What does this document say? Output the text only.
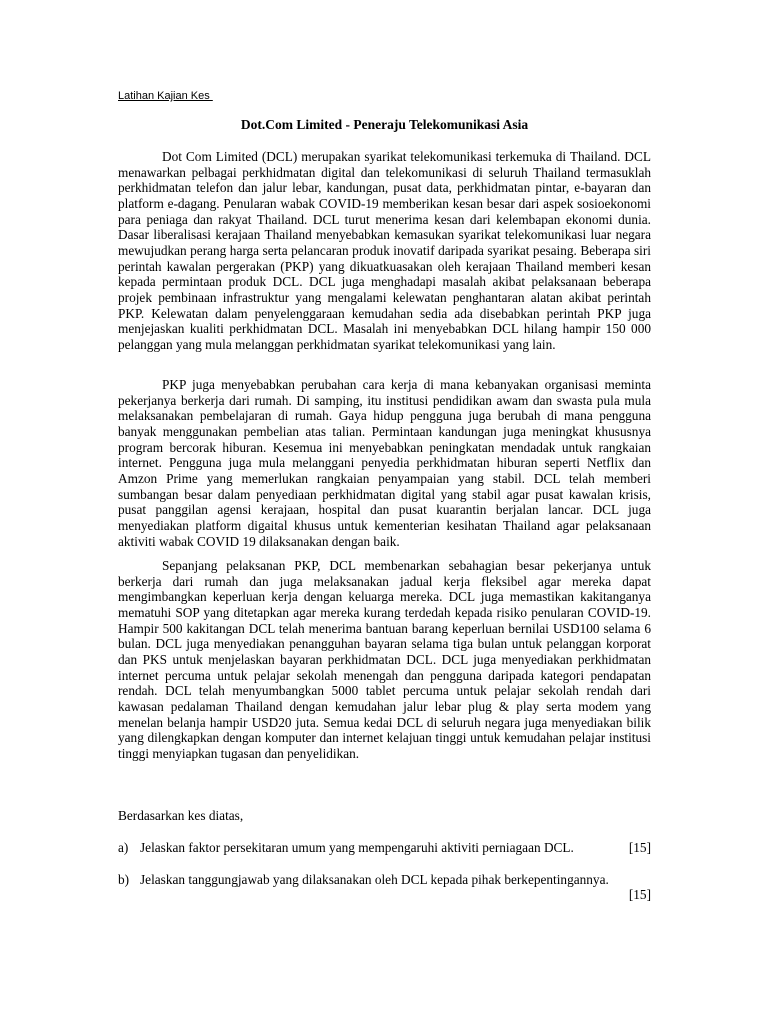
Latihan Kajian Kes
Dot.Com Limited - Peneraju Telekomunikasi Asia

Dot Com Limited (DCL) merupakan syarikat telekomunikasi terkemuka di Thailand. DCL menawarkan pelbagai perkhidmatan digital dan telekomunikasi di seluruh Thailand termasuklah perkhidmatan telefon dan jalur lebar, kandungan, pusat data, perkhidmatan pintar, e-bayaran dan platform e-dagang. Penularan wabak COVID-19 memberikan kesan besar dari aspek sosioekonomi para peniaga dan rakyat Thailand. DCL turut menerima kesan dari kelembapan ekonomi dunia. Dasar liberalisasi kerajaan Thailand menyebabkan kemasukan syarikat telekomunikasi luar negara mewujudkan perang harga serta pelancaran produk inovatif daripada syarikat pesaing. Beberapa siri perintah kawalan pergerakan (PKP) yang dikuatkuasakan oleh kerajaan Thailand memberi kesan kepada permintaan produk DCL. DCL juga menghadapi masalah akibat pelaksanaan beberapa projek pembinaan infrastruktur yang mengalami kelewatan penghantaran alatan akibat perintah PKP. Kelewatan dalam penyelenggaraan kemudahan sedia ada disebabkan perintah PKP juga menjejaskan kualiti perkhidmatan DCL. Masalah ini menyebabkan DCL hilang hampir 150 000 pelanggan yang mula melanggan perkhidmatan syarikat telekomunikasi yang lain.

PKP juga menyebabkan perubahan cara kerja di mana kebanyakan organisasi meminta pekerjanya berkerja dari rumah. Di samping, itu institusi pendidikan awam dan swasta pula mula melaksanakan pembelajaran di rumah. Gaya hidup pengguna juga berubah di mana pengguna banyak menggunakan pembelian atas talian. Permintaan kandungan juga meningkat khususnya program bercorak hiburan. Kesemua ini menyebabkan peningkatan mendadak untuk rangkaian internet. Pengguna juga mula melanggani penyedia perkhidmatan hiburan seperti Netflix dan Amzon Prime yang memerlukan rangkaian penyampaian yang stabil. DCL telah memberi sumbangan besar dalam penyediaan perkhidmatan digital yang stabil agar pusat kawalan krisis, pusat panggilan agensi kerajaan, hospital dan pusat kuarantin berjalan lancar. DCL juga menyediakan platform digaital khusus untuk kementerian kesihatan Thailand agar pelaksanaan aktiviti wabak COVID 19 dilaksanakan dengan baik.

Sepanjang pelaksanan PKP, DCL membenarkan sebahagian besar pekerjanya untuk berkerja dari rumah dan juga melaksanakan jadual kerja fleksibel agar mereka dapat mengimbangkan keperluan kerja dengan keluarga mereka. DCL juga memastikan kakitanganya mematuhi SOP yang ditetapkan agar mereka kurang terdedah kepada risiko penularan COVID-19. Hampir 500 kakitangan DCL telah menerima bantuan barang keperluan bernilai USD100 selama 6 bulan. DCL juga menyediakan penangguhan bayaran selama tiga bulan untuk pelanggan korporat dan PKS untuk menjelaskan bayaran perkhidmatan DCL. DCL juga menyediakan perkhidmatan internet percuma untuk pelajar sekolah menengah dan pengguna daripada kategori pendapatan rendah. DCL telah menyumbangkan 5000 tablet percuma untuk pelajar sekolah rendah dari kawasan pedalaman Thailand dengan kemudahan jalur lebar plug & play serta modem yang menelan belanja hampir USD20 juta. Semua kedai DCL di seluruh negara juga menyediakan bilik yang dilengkapkan dengan komputer dan internet kelajuan tinggi untuk kemudahan pelajar institusi tinggi menyiapkan tugasan dan penyelidikan.

Berdasarkan kes diatas,

a) Jelaskan faktor persekitaran umum yang mempengaruhi aktiviti perniagaan DCL.	[15]
b) Jelaskan tanggungjawab yang dilaksanakan oleh DCL kepada pihak berkepentingannya.
[15]
